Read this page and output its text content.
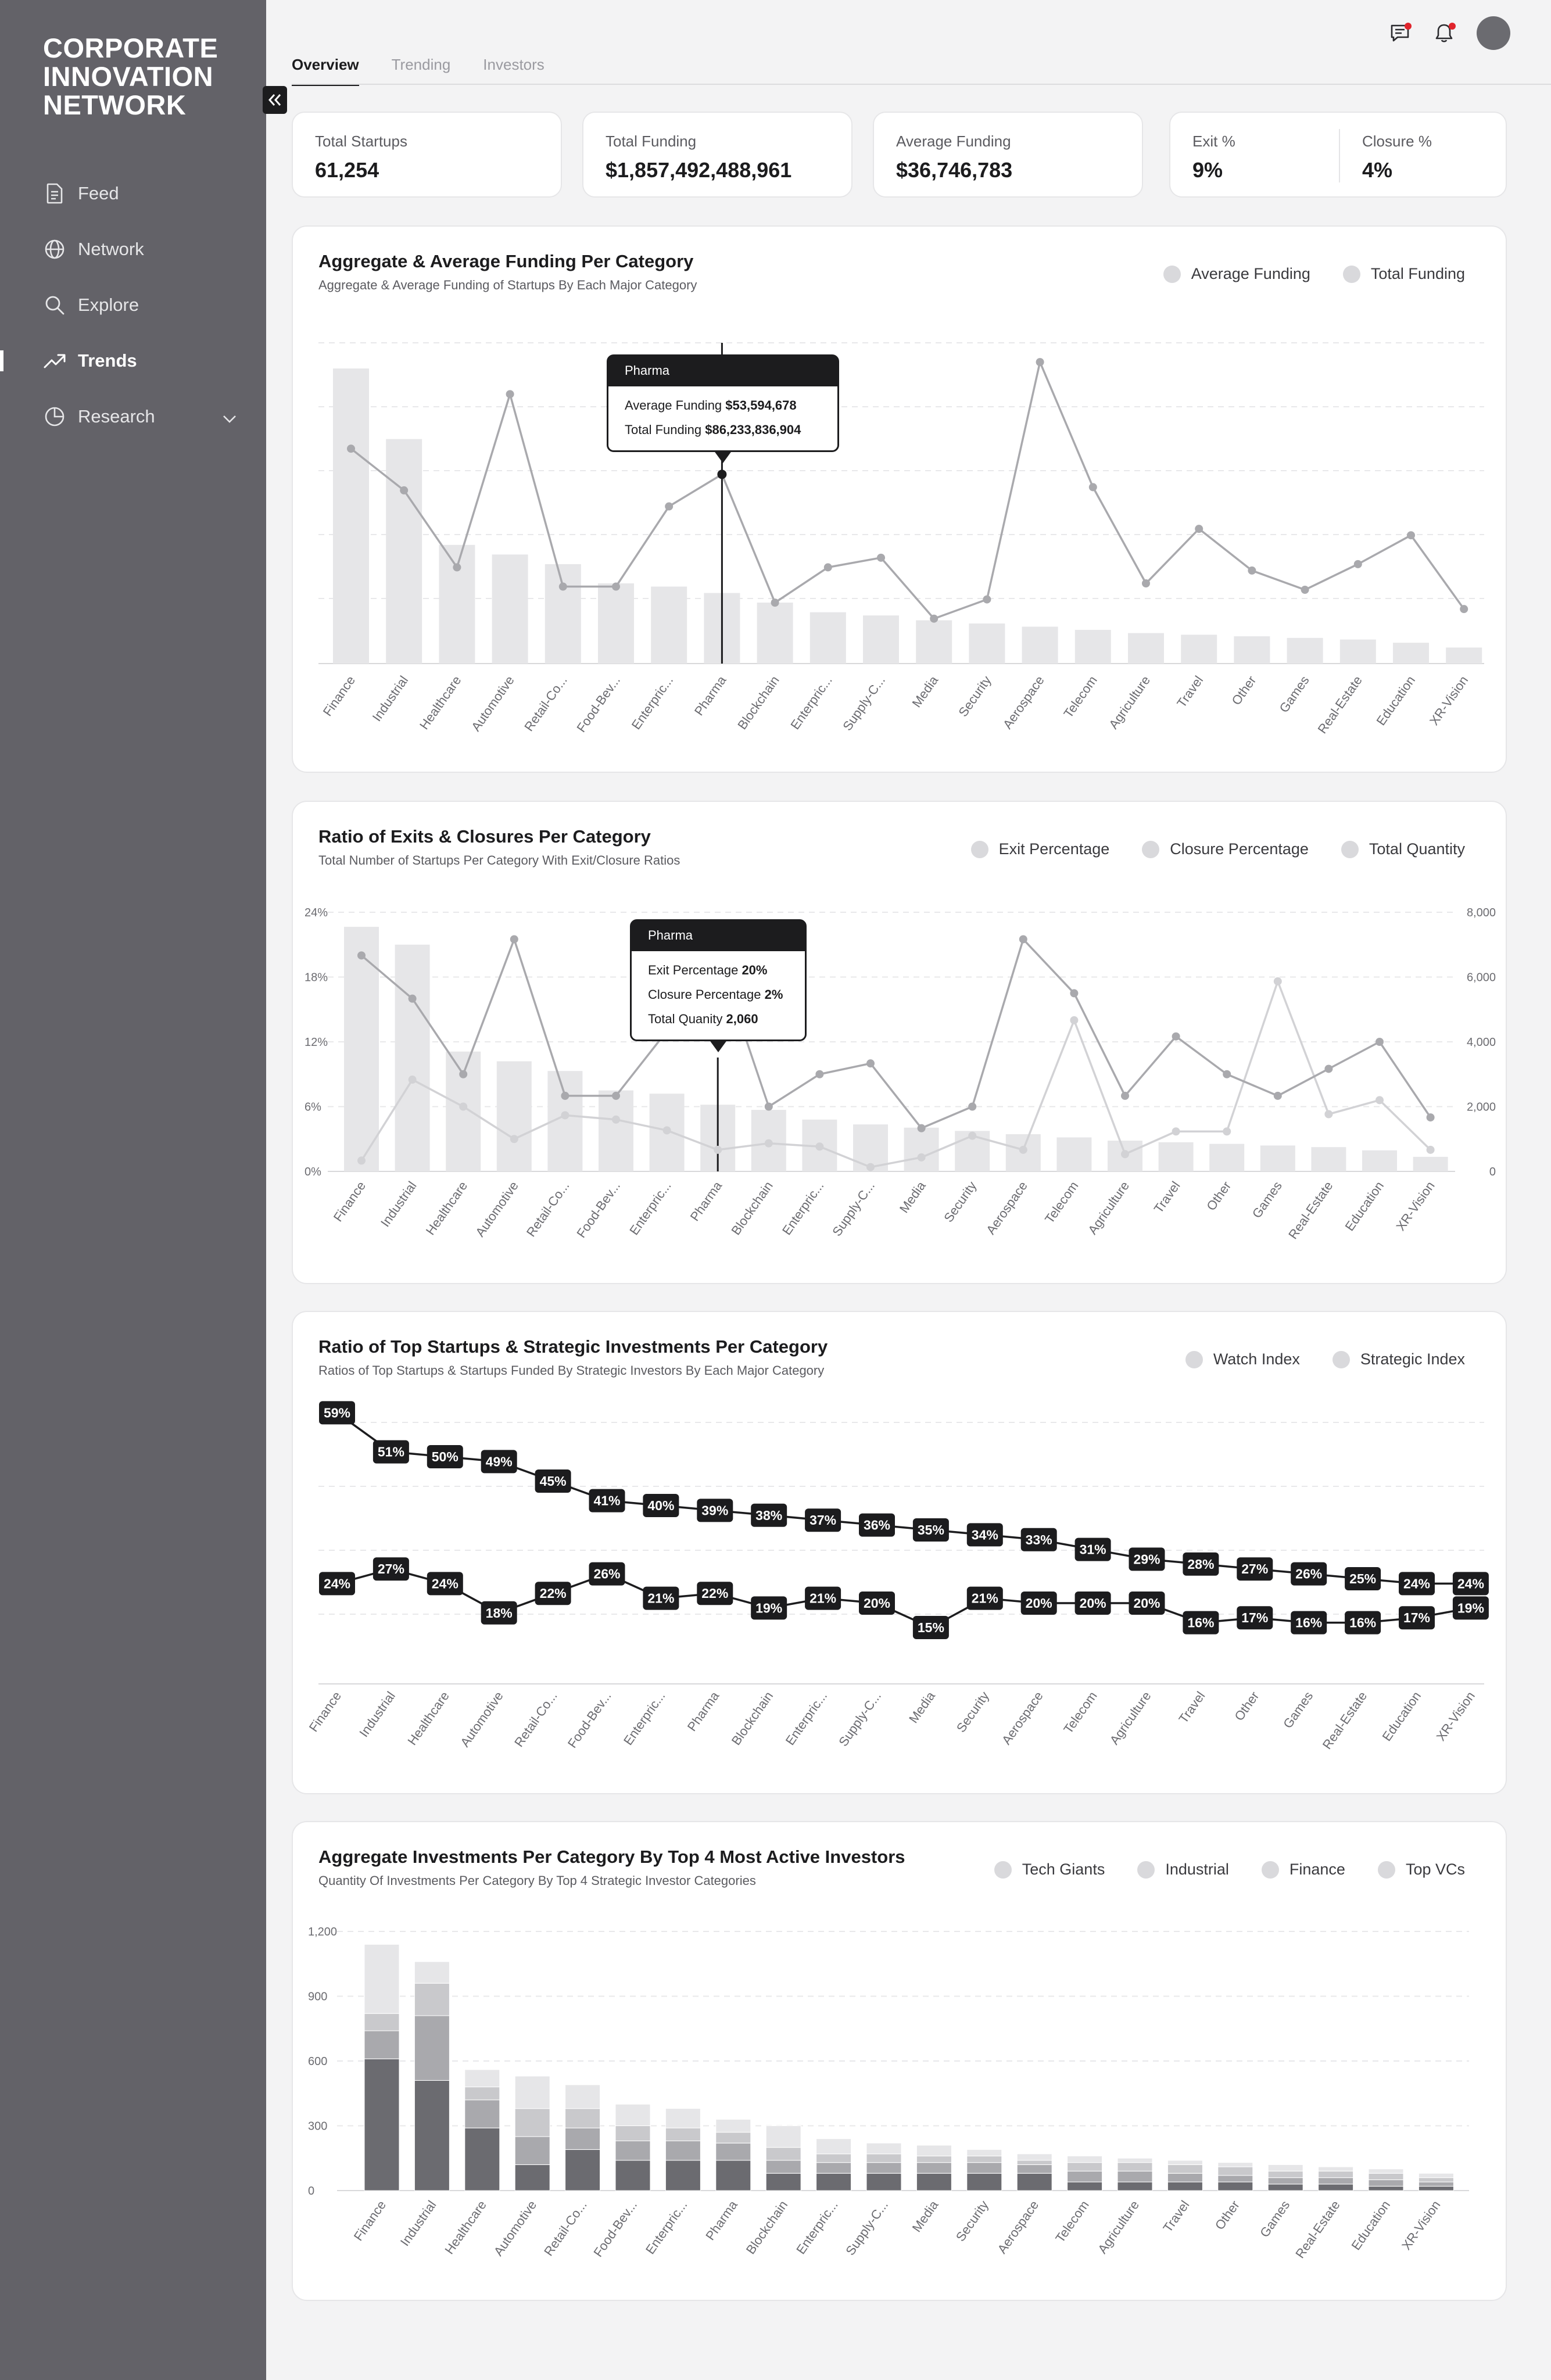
CORPORATE
INNOVATION
NETWORK
Feed
Network
Explore
Trends
Research
Overview Trending Investors
Total Startups
61,254
Total Funding
$1,857,492,488,961
Average Funding
$36,746,783
Exit %
9%
Closure %
4%
Aggregate & Average Funding Per Category
Aggregate & Average Funding of Startups By Each Major Category
Average Funding	Total Funding
Finance Industrial Healthcare Automotive Retail-Co... Food-Bev... Enterpric... Pharma Blockchain Enterpric... Supply-C... Media Security Aerospace Telecom Agriculture Travel Other Games Real-Estate Education XR-Vision
Pharma
Average Funding $53,594,678
Total Funding $86,233,836,904
Ratio of Exits & Closures Per Category
Total Number of Startups Per Category With Exit/Closure Ratios
Exit Percentage	Closure Percentage	Total Quantity
24%
18%
12%
6%
0%
8,000
6,000
4,000
2,000
0
Finance Industrial Healthcare Automotive Retail-Co... Food-Bev... Enterpric... Pharma Blockchain Enterpric... Supply-C... Media Security Aerospace Telecom Agriculture Travel Other Games Real-Estate Education XR-Vision
Pharma
Exit Percentage 20%
Closure Percentage 2%
Total Quanity 2,060
Ratio of Top Startups & Strategic Investments Per Category
Ratios of Top Startups & Startups Funded By Strategic Investors By Each Major Category
Watch Index	Strategic Index
59%
51% 50% 49%
45%
41% 40% 39% 38% 37% 36% 35% 34% 33%
31%
29% 28% 27% 26% 25% 24% 24%
24%
27%
24%
18%
22%
26%
21% 22%
19%
21% 20%
15%
21% 20% 20% 20%
16% 17% 16% 16% 17%
19%
Finance Industrial Healthcare Automotive Retail-Co... Food-Bev... Enterpric... Pharma Blockchain Enterpric... Supply-C... Media Security Aerospace Telecom Agriculture Travel Other Games Real-Estate Education XR-Vision
Aggregate Investments Per Category By Top 4 Most Active Investors
Quantity Of Investments Per Category By Top 4 Strategic Investor Categories
Tech Giants	Industrial	Finance	Top VCs
1,200
900
600
300
0
Finance Industrial Healthcare Automotive Retail-Co... Food-Bev... Enterpric... Pharma Blockchain Enterpric... Supply-C... Media Security Aerospace Telecom Agriculture Travel Other Games Real-Estate Education XR-Vision
